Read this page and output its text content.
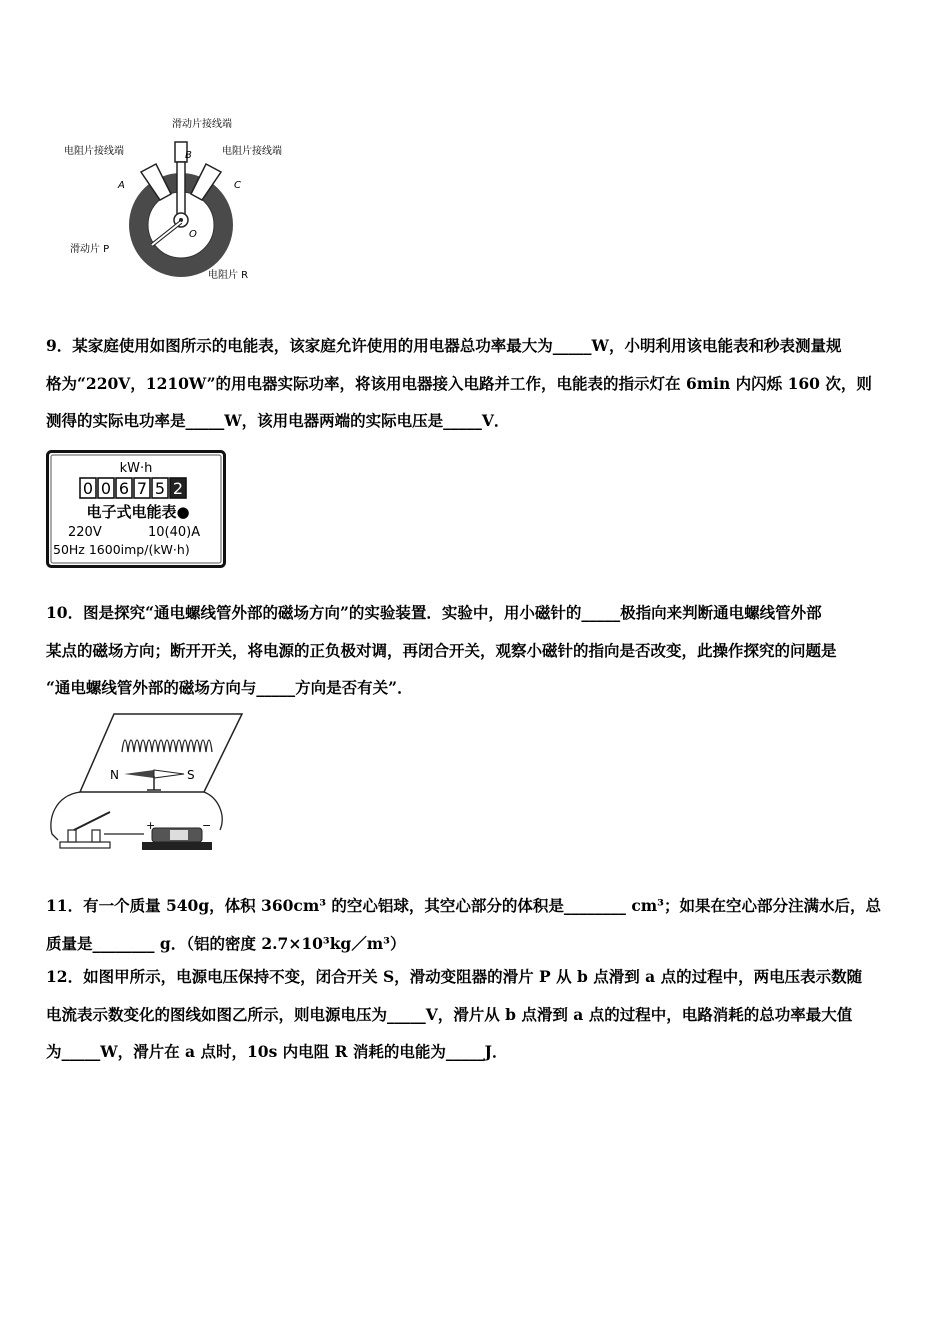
滑动片接线端
电阻片接线端	电阻片接线端
B
A	C
O
滑动片 P
电阻片 R
9．某家庭使用如图所示的电能表，该家庭允许使用的用电器总功率最大为_____W，小明利用该电能表和秒表测量规
格为“220V，1210W”的用电器实际功率，将该用电器接入电路并工作，电能表的指示灯在 6min 内闪烁 160 次，则
测得的实际电功率是_____W，该用电器两端的实际电压是_____V．
kW·h
0 0 6 7 5 2
电子式电能表●
220V	10(40)A
50Hz 1600imp/(kW·h)
10．图是探究“通电螺线管外部的磁场方向”的实验装置．实验中，用小磁针的_____极指向来判断通电螺线管外部
某点的磁场方向；断开开关，将电源的正负极对调，再闭合开关，观察小磁针的指向是否改变，此操作探究的问题是
“通电螺线管外部的磁场方向与_____方向是否有关”．
N	S
+	−
11．有一个质量 540g，体积 360cm³ 的空心铝球，其空心部分的体积是________ cm³；如果在空心部分注满水后，总
质量是________ g．（铝的密度 2.7×10³kg／m³）
12．如图甲所示，电源电压保持不变，闭合开关 S，滑动变阻器的滑片 P 从 b 点滑到 a 点的过程中，两电压表示数随
电流表示数变化的图线如图乙所示，则电源电压为_____V，滑片从 b 点滑到 a 点的过程中，电路消耗的总功率最大值
为_____W，滑片在 a 点时，10s 内电阻 R 消耗的电能为_____J．
